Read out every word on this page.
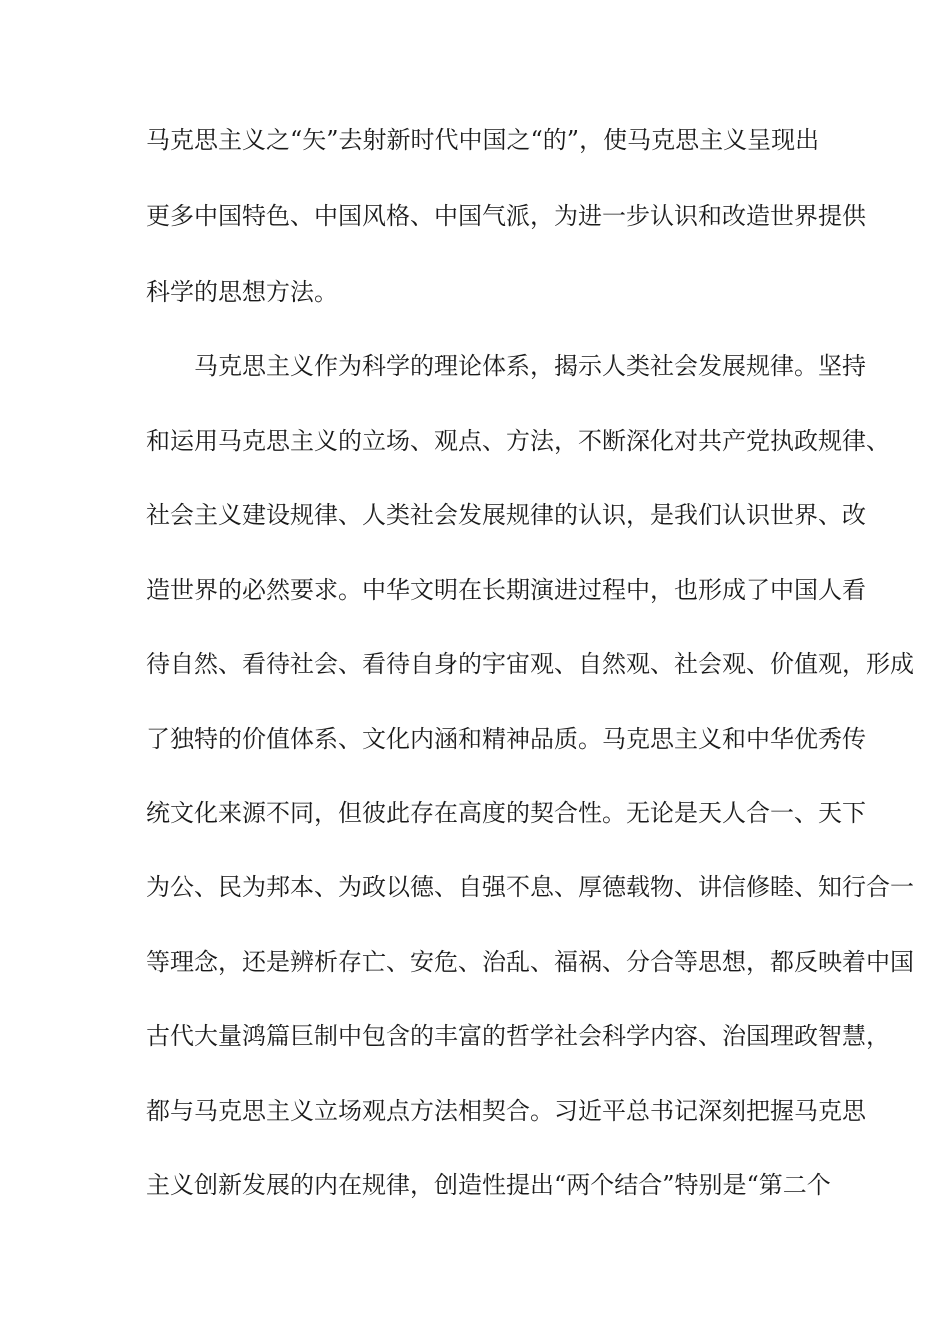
马克思主义之“矢”去射新时代中国之“的”，使马克思主义呈现出
更多中国特色、中国风格、中国气派，为进一步认识和改造世界提供
科学的思想方法。
马克思主义作为科学的理论体系，揭示人类社会发展规律。坚持
和运用马克思主义的立场、观点、方法，不断深化对共产党执政规律、
社会主义建设规律、人类社会发展规律的认识，是我们认识世界、改
造世界的必然要求。中华文明在长期演进过程中，也形成了中国人看
待自然、看待社会、看待自身的宇宙观、自然观、社会观、价值观，形成
了独特的价值体系、文化内涵和精神品质。马克思主义和中华优秀传
统文化来源不同，但彼此存在高度的契合性。无论是天人合一、天下
为公、民为邦本、为政以德、自强不息、厚德载物、讲信修睦、知行合一
等理念，还是辨析存亡、安危、治乱、福祸、分合等思想，都反映着中国
古代大量鸿篇巨制中包含的丰富的哲学社会科学内容、治国理政智慧，
都与马克思主义立场观点方法相契合。习近平总书记深刻把握马克思
主义创新发展的内在规律，创造性提出“两个结合”特别是“第二个
